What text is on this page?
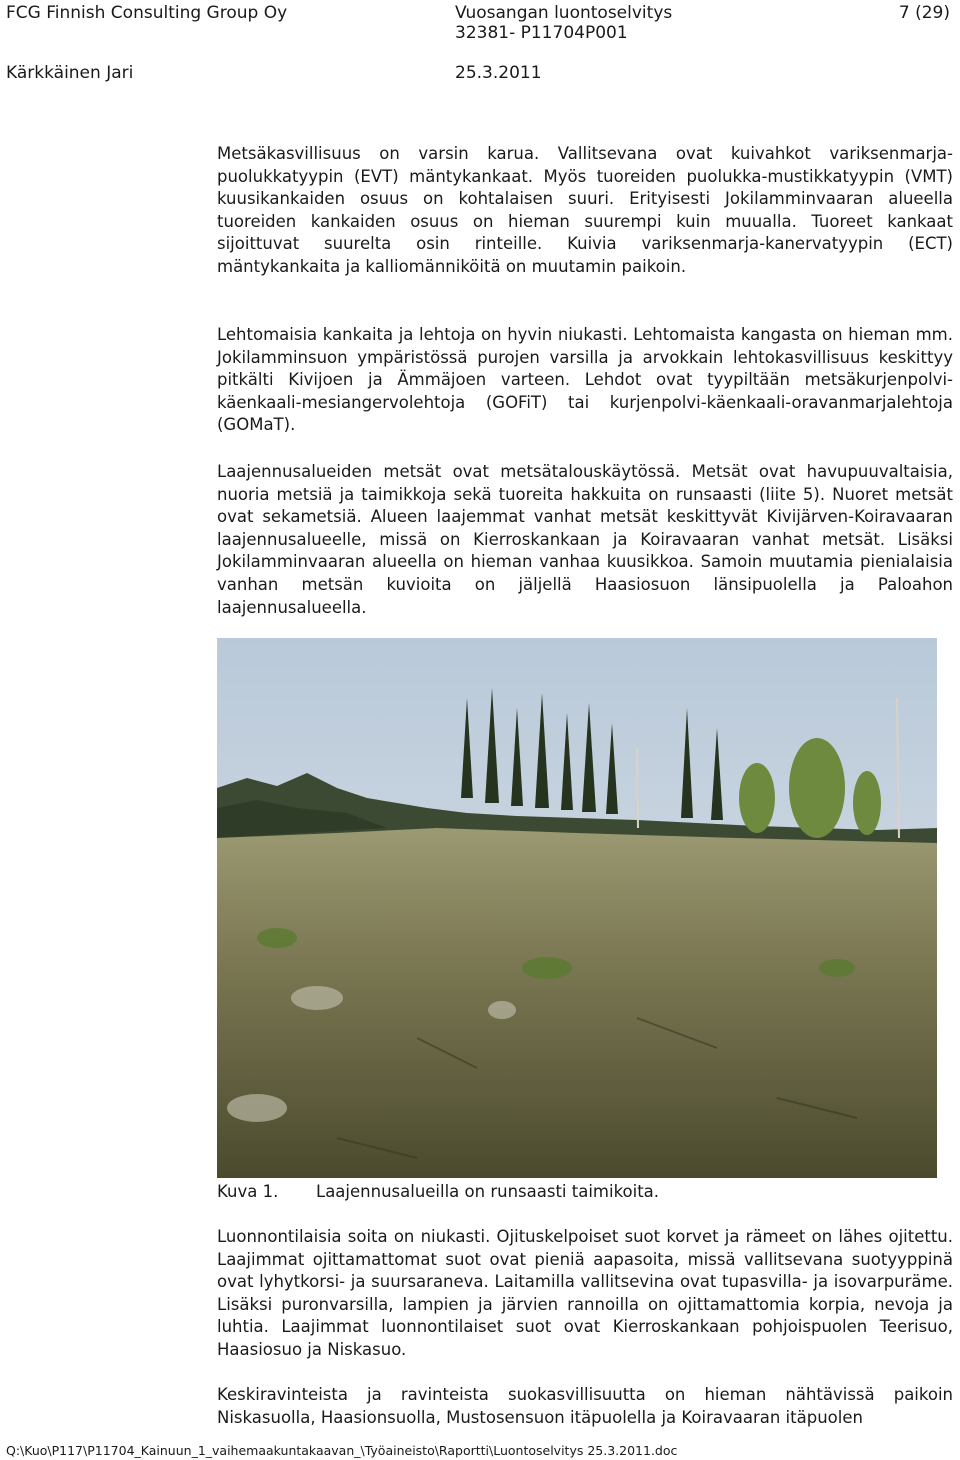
FCG Finnish Consulting Group Oy	Vuosangan luontoselvitys	7 (29)
32381- P11704P001
Kärkkäinen Jari	25.3.2011

Metsäkasvillisuus on varsin karua. Vallitsevana ovat kuivahkot variksenmarja-puolukkatyypin (EVT) mäntykankaat. Myös tuoreiden puolukka-mustikkatyypin (VMT) kuusikankaiden osuus on kohtalaisen suuri. Erityisesti Jokilamminvaaran alueella tuoreiden kankaiden osuus on hieman suurempi kuin muualla. Tuoreet kankaat sijoittuvat suurelta osin rinteille. Kuivia variksenmarja-kanervatyypin (ECT) mäntykankaita ja kalliomänniköitä on muutamin paikoin.

Lehtomaisia kankaita ja lehtoja on hyvin niukasti. Lehtomaista kangasta on hieman mm. Jokilamminsuon ympäristössä purojen varsilla ja arvokkain lehtokasvillisuus keskittyy pitkälti Kivijoen ja Ämmäjoen varteen. Lehdot ovat tyypiltään metsäkurjenpolvi-käenkaali-mesiangervolehtoja (GOFiT) tai kurjenpolvi-käenkaali-oravanmarjalehtoja (GOMaT).

Laajennusalueiden metsät ovat metsätalouskäytössä. Metsät ovat havupuuvaltaisia, nuoria metsiä ja taimikkoja sekä tuoreita hakkuita on runsaasti (liite 5). Nuoret metsät ovat sekametsiä. Alueen laajemmat vanhat metsät keskittyvät Kivijärven-Koiravaaran laajennusalueelle, missä on Kierroskankaan ja Koiravaaran vanhat metsät. Lisäksi Jokilamminvaaran alueella on hieman vanhaa kuusikkoa. Samoin muutamia pienialaisia vanhan metsän kuvioita on jäljellä Haasiosuon länsipuolella ja Paloahon laajennusalueella.

Kuva 1. Laajennusalueilla on runsaasti taimikoita.

Luonnontilaisia soita on niukasti. Ojituskelpoiset suot korvet ja rämeet on lähes ojitettu. Laajimmat ojittamattomat suot ovat pieniä aapasoita, missä vallitsevana suotyyppinä ovat lyhytkorsi- ja suursaraneva. Laitamilla vallitsevina ovat tupasvilla- ja isovarpuräme. Lisäksi puronvarsilla, lampien ja järvien rannoilla on ojittamattomia korpia, nevoja ja luhtia. Laajimmat luonnontilaiset suot ovat Kierroskankaan pohjoispuolen Teerisuo, Haasiosuo ja Niskasuo.

Keskiravinteista ja ravinteista suokasvillisuutta on hieman nähtävissä paikoin Niskasuolla, Haasionsuolla, Mustosensuon itäpuolella ja Koiravaaran itäpuolen

Q:\Kuo\P117\P11704_Kainuun_1_vaihemaakuntakaavan_\Työaineisto\Raportti\Luontoselvitys 25.3.2011.doc
